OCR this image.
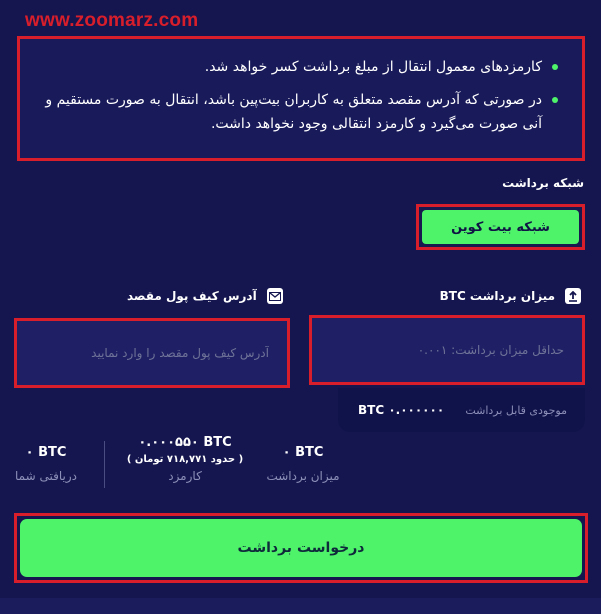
www.zoomarz.com
کارمزدهای معمول انتقال از مبلغ برداشت کسر خواهد شد.
در صورتی که آدرس مقصد متعلق به کاربران بیت‌پین باشد، انتقال به صورت مستقیم و آنی صورت می‌گیرد و کارمزد انتقالی وجود نخواهد داشت.
شبکه برداشت
شبکه بیت کوین
میزان برداشت BTC
آدرس کیف پول مقصد
حداقل میزان برداشت: ۰.۰۰۱
آدرس کیف پول مقصد را وارد نمایید
موجودی قابل برداشت
BTC ۰.۰۰۰۰۰۰
۰ BTC
میزان برداشت
۰.۰۰۰۵۵۰ BTC
( حدود ۷۱۸,۷۷۱ تومان )
کارمزد
۰ BTC
دریافتی شما
درخواست برداشت
